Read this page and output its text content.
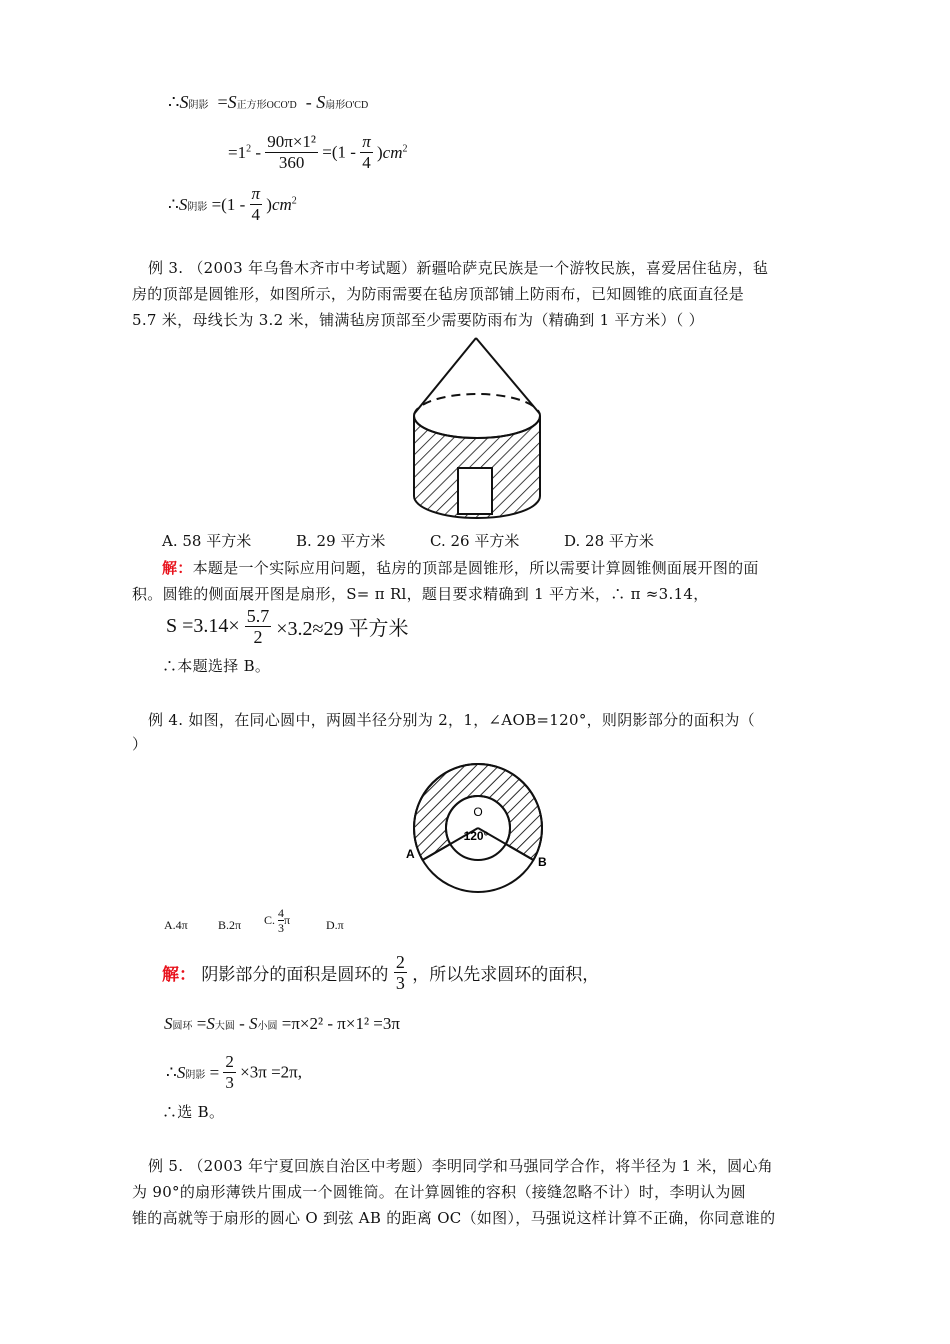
∴S阴影  =S正方形OCO'D  - S扇形O'CD
$=1^2 - \frac{\text{90π×1²}}{360} =(1 - \frac{\pi}{4} )cm^2$
∴S阴影 $=(1 - \frac{\pi}{4} )cm^2$
例 3. （2003 年乌鲁木齐市中考试题）新疆哈萨克民族是一个游牧民族，喜爱居住毡房，毡
房的顶部是圆锥形，如图所示，为防雨需要在毡房顶部铺上防雨布，已知圆锥的底面直径是
5.7 米，母线长为 3.2 米，铺满毡房顶部至少需要防雨布为（精确到 1 平方米）（ ）
A. 58 平方米	B. 29 平方米	C. 26 平方米	D. 28 平方米
解：本题是一个实际应用问题，毡房的顶部是圆锥形，所以需要计算圆锥侧面展开图的面
积。圆锥的侧面展开图是扇形，S= π Rl，题目要求精确到 1 平方米，∴ π ≈3.14，
$S =3.14\times \frac{5.7}{2} \times 3.2\approx 29$ 平方米
∴本题选择 B。
例 4. 如图，在同心圆中，两圆半径分别为 2，1，∠AOB=120°，则阴影部分的面积为（
）
O
120°
A
B
A.4π	B.2π C. $\frac{4}{3}$ π	D.π
解： 阴影部分的面积是圆环的 $\frac{2}{3}$ ，所以先求圆环的面积，
S圆环 =S大圆 - S小圆 =π×2² - π×1² =3π
∴S阴影 = $\frac{2}{3} \times 3\pi =2\pi$,
∴选 B。
例 5. （2003 年宁夏回族自治区中考题）李明同学和马强同学合作，将半径为 1 米，圆心角
为 90°的扇形薄铁片围成一个圆锥筒。在计算圆锥的容积（接缝忽略不计）时，李明认为圆
锥的高就等于扇形的圆心 O 到弦 AB 的距离 OC（如图），马强说这样计算不正确，你同意谁的
